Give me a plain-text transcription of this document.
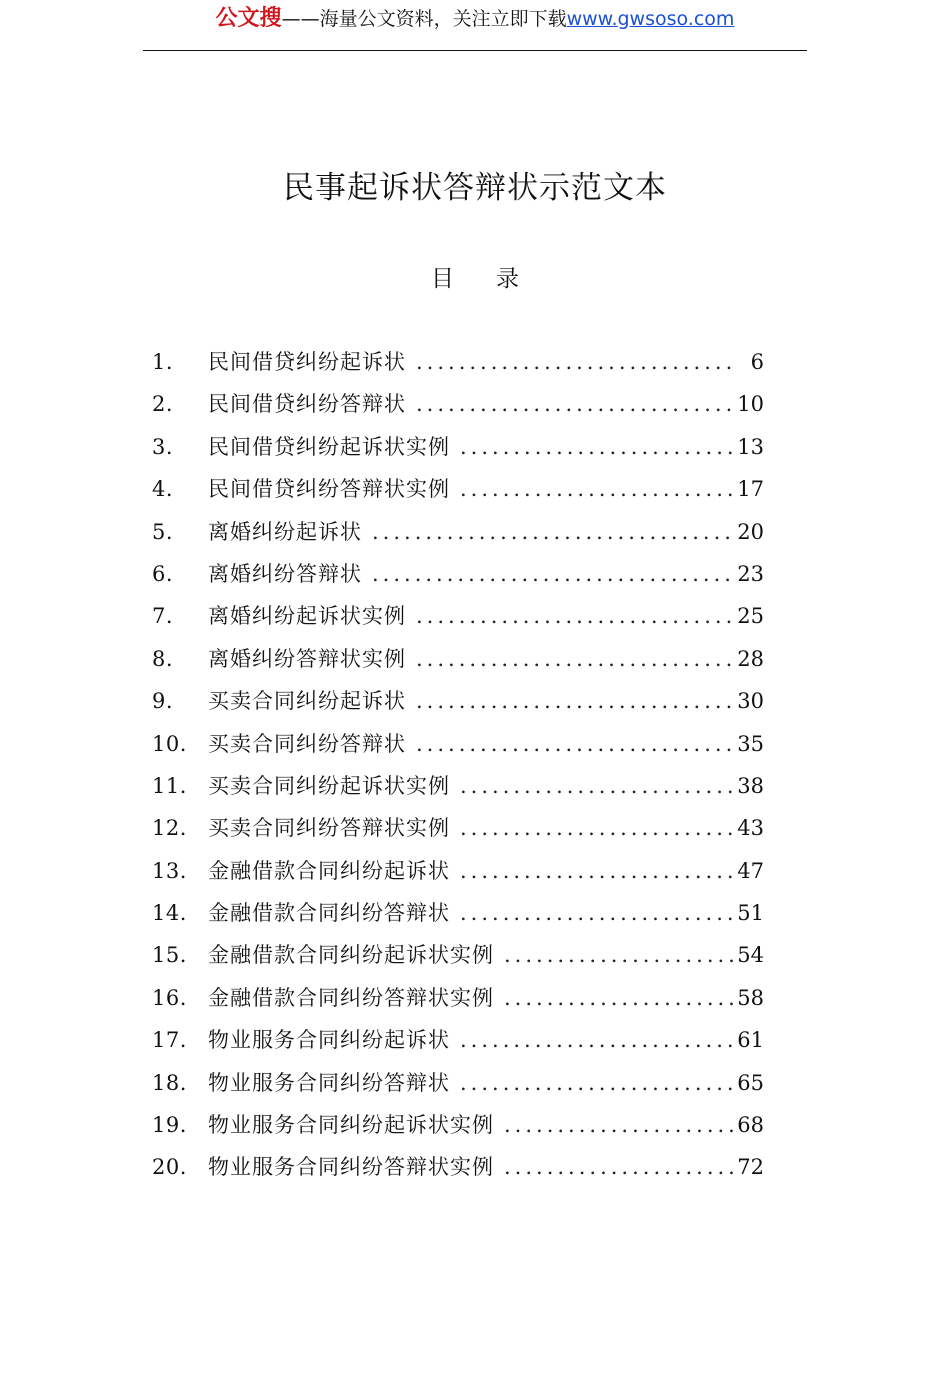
公文搜——海量公文资料，关注立即下载www.gwsoso.com
民事起诉状答辩状示范文本
目 录
1.	民间借贷纠纷起诉状 .....	6
2.	民间借贷纠纷答辩状 .....	10
3.	民间借贷纠纷起诉状实例 .....	13
4.	民间借贷纠纷答辩状实例 .....	17
5.	离婚纠纷起诉状 .....	20
6.	离婚纠纷答辩状 .....	23
7.	离婚纠纷起诉状实例 .....	25
8.	离婚纠纷答辩状实例 .....	28
9.	买卖合同纠纷起诉状 .....	30
10.	买卖合同纠纷答辩状 .....	35
11.	买卖合同纠纷起诉状实例 .....	38
12.	买卖合同纠纷答辩状实例 .....	43
13.	金融借款合同纠纷起诉状 .....	47
14.	金融借款合同纠纷答辩状 .....	51
15.	金融借款合同纠纷起诉状实例 .....	54
16.	金融借款合同纠纷答辩状实例 .....	58
17.	物业服务合同纠纷起诉状 .....	61
18.	物业服务合同纠纷答辩状 .....	65
19.	物业服务合同纠纷起诉状实例 .....	68
20.	物业服务合同纠纷答辩状实例 .....	72
